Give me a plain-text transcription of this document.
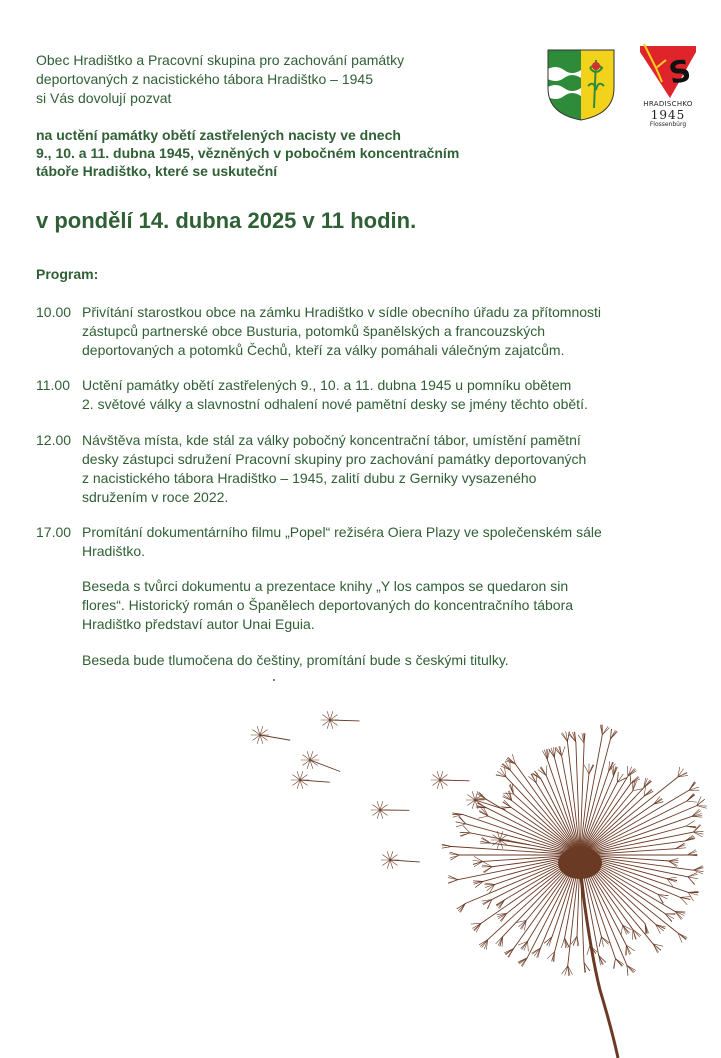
Obec Hradištko a Pracovní skupina pro zachování památky
deportovaných z nacistického tábora Hradištko – 1945
si Vás dovolují pozvat
na uctění památky obětí zastřelených nacisty ve dnech
9., 10. a 11. dubna 1945, vězněných v pobočném koncentračním
táboře Hradištko, které se uskuteční
v pondělí 14. dubna 2025 v 11 hodin.
Program:
10.00 Přivítání starostkou obce na zámku Hradištko v sídle obecního úřadu za přítomnosti
zástupců partnerské obce Busturia, potomků španělských a francouzských
deportovaných a potomků Čechů, kteří za války pomáhali válečným zajatcům.
11.00 Uctění památky obětí zastřelených 9., 10. a 11. dubna 1945 u pomníku obětem
2. světové války a slavnostní odhalení nové pamětní desky se jmény těchto obětí.
12.00 Návštěva místa, kde stál za války pobočný koncentrační tábor, umístění pamětní
desky zástupci sdružení Pracovní skupiny pro zachování památky deportovaných
z nacistického tábora Hradištko – 1945, zalití dubu z Gerniky vysazeného
sdružením v roce 2022.
17.00 Promítání dokumentárního filmu „Popel“ režiséra Oiera Plazy ve společenském sále
Hradištko.
Beseda s tvůrci dokumentu a prezentace knihy „Y los campos se quedaron sin
flores“. Historický román o Španělech deportovaných do koncentračního tábora
Hradištko představí autor Unai Eguia.
Beseda bude tlumočena do češtiny, promítání bude s českými titulky.
S
HRADISCHKO
1945
Flossenbürg
